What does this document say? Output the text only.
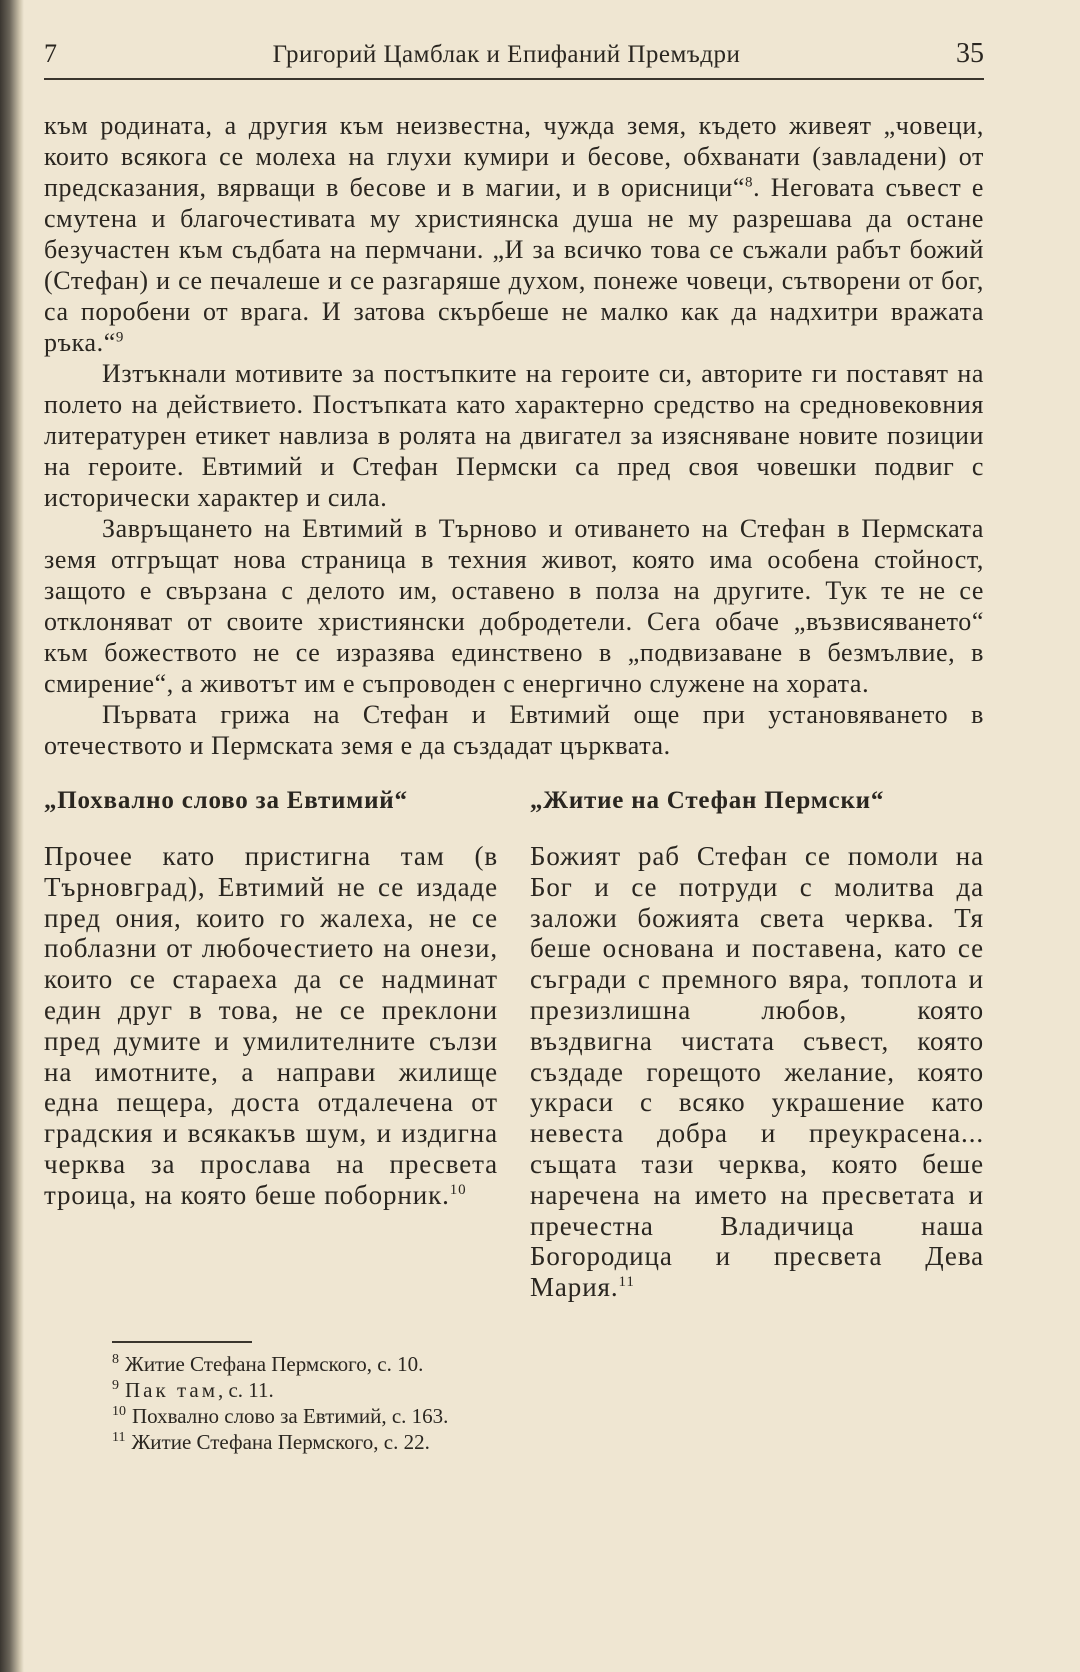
7	Григорий Цамблак и Епифаний Премъдри	35

към родината, а другия към неизвестна, чужда земя, където живеят „човеци, които всякога се молеха на глухи кумири и бесове, обхванати (завладени) от предсказания, вярващи в бесове и в магии, и в орисници“$^8$. Неговата съвест е смутена и благочестивата му християнска душа не му разрешава да остане безучастен към съдбата на пермчани. „И за всичко това се съжали рабът божий (Стефан) и се печалеше и се разгаряше духом, понеже човеци, сътворени от бог, са поробени от врага. И затова скърбеше не малко как да надхитри вражата ръка.“$^9$

Изтъкнали мотивите за постъпките на героите си, авторите ги поставят на полето на действието. Постъпката като характерно средство на средновековния литературен етикет навлиза в ролята на двигател за изясняване новите позиции на героите. Евтимий и Стефан Пермски са пред своя човешки подвиг с исторически характер и сила.

Завръщането на Евтимий в Търново и отиването на Стефан в Пермската земя отгръщат нова страница в техния живот, която има особена стойност, защото е свързана с делото им, оставено в полза на другите. Тук те не се отклоняват от своите християнски добродетели. Сега обаче „възвисяването“ към божеството не се изразява единствено в „подвизаване в безмълвие, в смирение“, а животът им е съпроводен с енергично служене на хората.

Първата грижа на Стефан и Евтимий още при установяването в отечеството и Пермската земя е да създадат църквата.

„Похвално слово за Евтимий“
Прочее като пристигна там (в Търновград), Евтимий не се издаде пред ония, които го жалеха, не се поблазни от любочестието на онези, които се стараеха да се надминат един друг в това, не се преклони пред думите и умилителните сълзи на имотните, а направи жилище една пещера, доста отдалечена от градския и всякакъв шум, и издигна черква за прослава на пресвета троица, на която беше поборник.$^{10}$
„Житие на Стефан Пермски“
Божият раб Стефан се помоли на Бог и се потруди с молитва да заложи божията света черква. Тя беше основана и поставена, като се съгради с премного вяра, топлота и презизлишна любов, която въздвигна чистата съвест, която създаде горещото желание, която украси с всяко украшение като невеста добра и преукрасена... същата тази черква, която беше наречена на името на пресветата и пречестна Владичица наша Богородица и пресвета Дева Мария.$^{11}$
$^8$ Житие Стефана Пермского, с. 10.
$^9$ Пак там, с. 11.
$^{10}$ Похвално слово за Евтимий, с. 163.
$^{11}$ Житие Стефана Пермского, с. 22.
